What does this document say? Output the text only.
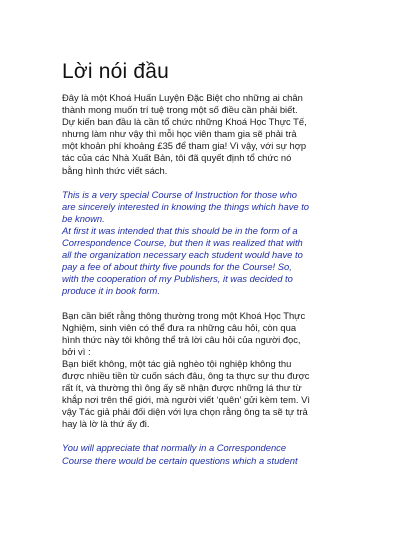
Lời nói đầu
Đây là một Khoá Huấn Luyện Đặc Biệt cho những ai chân
thành mong muốn trí tuệ trong một số điều cần phải biết.
Dự kiến ban đầu là cần tổ chức những Khoá Học Thực Tế,
nhưng làm như vậy thì mỗi học viên tham gia sẽ phải trả
một khoản phí khoảng £35 để tham gia! Vì vậy, với sự hợp
tác của các Nhà Xuất Bản, tôi đã quyết định tổ chức nó
bằng hình thức viết sách.
This is a very special Course of Instruction for those who
are sincerely interested in knowing the things which have to
be known.
At first it was intended that this should be in the form of a
Correspondence Course, but then it was realized that with
all the organization necessary each student would have to
pay a fee of about thirty five pounds for the Course! So,
with the cooperation of my Publishers, it was decided to
produce it in book form.
Bạn cần biết rằng thông thường trong một Khoá Học Thực
Nghiệm, sinh viên có thể đưa ra những câu hỏi, còn qua
hình thức này tôi không thể trả lời câu hỏi của người đọc,
bởi vì :
Bạn biết không, một tác giả nghèo tội nghiệp không thu
được nhiều tiền từ cuốn sách đâu, ông ta thực sự thu được
rất ít, và thường thì ông ấy sẽ nhận được những lá thư từ
khắp nơi trên thế giới, mà người viết ‘quên’ gửi kèm tem. Vì
vậy Tác giả phải đối diện với lựa chọn rằng ông ta sẽ tự trả
hay là lờ là thứ ấy đi.
You will appreciate that normally in a Correspondence
Course there would be certain questions which a student
